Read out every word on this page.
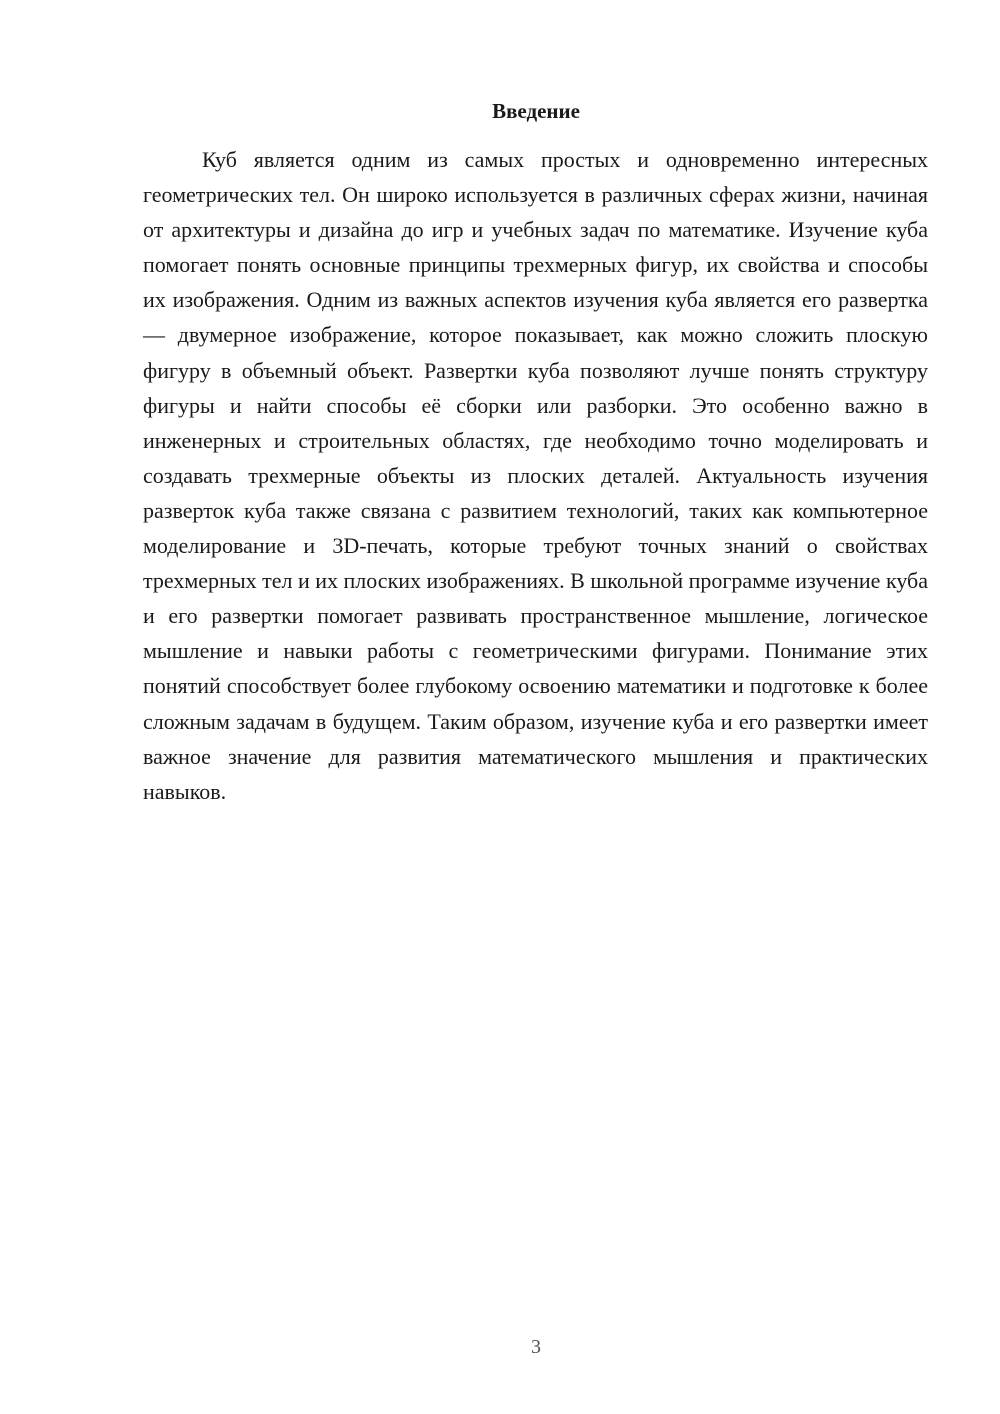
Введение

Куб является одним из самых простых и одновременно интересных геометрических тел. Он широко используется в различных сферах жизни, начиная от архитектуры и дизайна до игр и учебных задач по математике. Изучение куба помогает понять основные принципы трехмерных фигур, их свойства и способы их изображения. Одним из важных аспектов изучения куба является его развертка — двумерное изображение, которое показывает, как можно сложить плоскую фигуру в объемный объект. Развертки куба позволяют лучше понять структуру фигуры и найти способы её сборки или разборки. Это особенно важно в инженерных и строительных областях, где необходимо точно моделировать и создавать трехмерные объекты из плоских деталей. Актуальность изучения разверток куба также связана с развитием технологий, таких как компьютерное моделирование и 3D-печать, которые требуют точных знаний о свойствах трехмерных тел и их плоских изображениях. В школьной программе изучение куба и его развертки помогает развивать пространственное мышление, логическое мышление и навыки работы с геометрическими фигурами. Понимание этих понятий способствует более глубокому освоению математики и подготовке к более сложным задачам в будущем. Таким образом, изучение куба и его развертки имеет важное значение для развития математического мышления и практических навыков.

3
